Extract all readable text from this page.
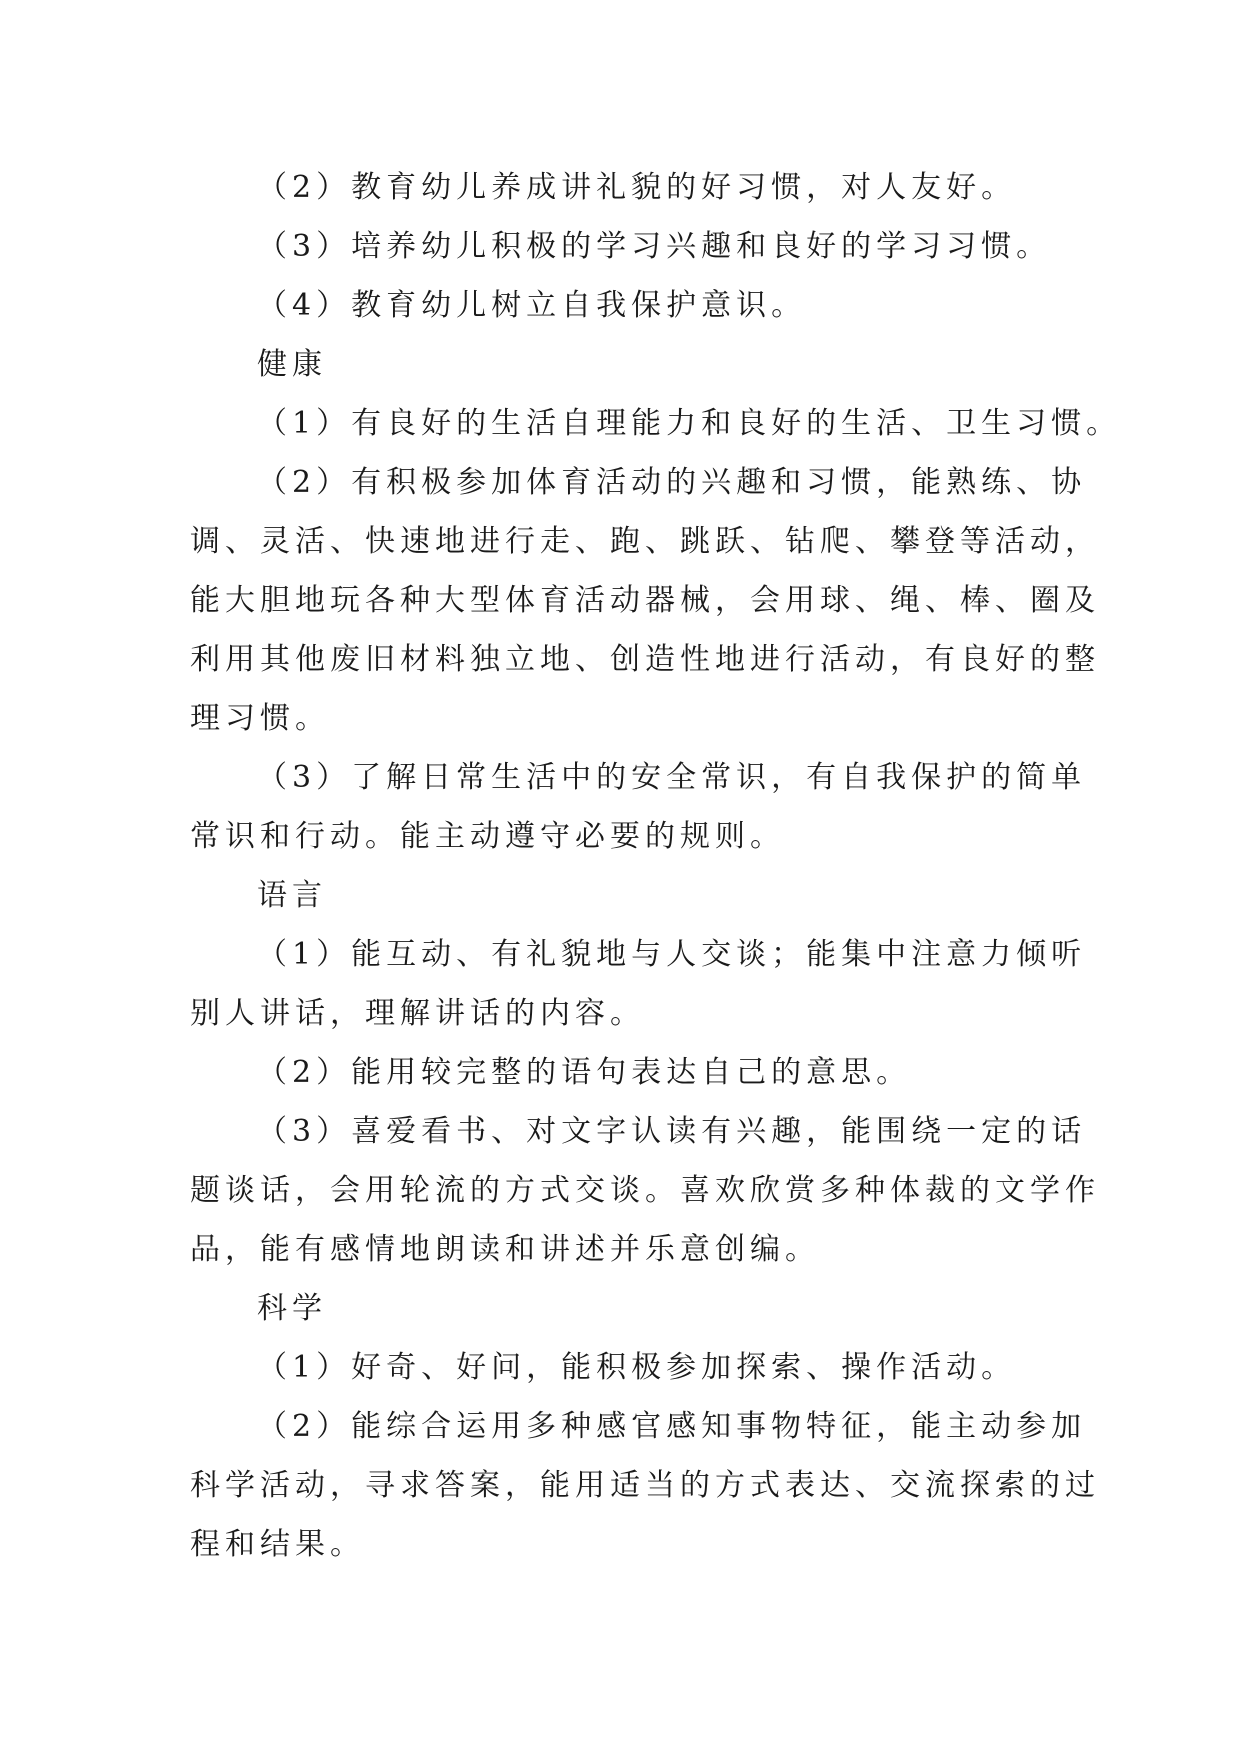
（2）教育幼儿养成讲礼貌的好习惯，对人友好。

（3）培养幼儿积极的学习兴趣和良好的学习习惯。

（4）教育幼儿树立自我保护意识。

健康

（1）有良好的生活自理能力和良好的生活、卫生习惯。

（2）有积极参加体育活动的兴趣和习惯，能熟练、协
调、灵活、快速地进行走、跑、跳跃、钻爬、攀登等活动，
能大胆地玩各种大型体育活动器械，会用球、绳、棒、圈及
利用其他废旧材料独立地、创造性地进行活动，有良好的整
理习惯。

（3）了解日常生活中的安全常识，有自我保护的简单
常识和行动。能主动遵守必要的规则。

语言

（1）能互动、有礼貌地与人交谈；能集中注意力倾听
别人讲话，理解讲话的内容。

（2）能用较完整的语句表达自己的意思。

（3）喜爱看书、对文字认读有兴趣，能围绕一定的话
题谈话，会用轮流的方式交谈。喜欢欣赏多种体裁的文学作
品，能有感情地朗读和讲述并乐意创编。

科学

（1）好奇、好问，能积极参加探索、操作活动。

（2）能综合运用多种感官感知事物特征，能主动参加
科学活动，寻求答案，能用适当的方式表达、交流探索的过
程和结果。
